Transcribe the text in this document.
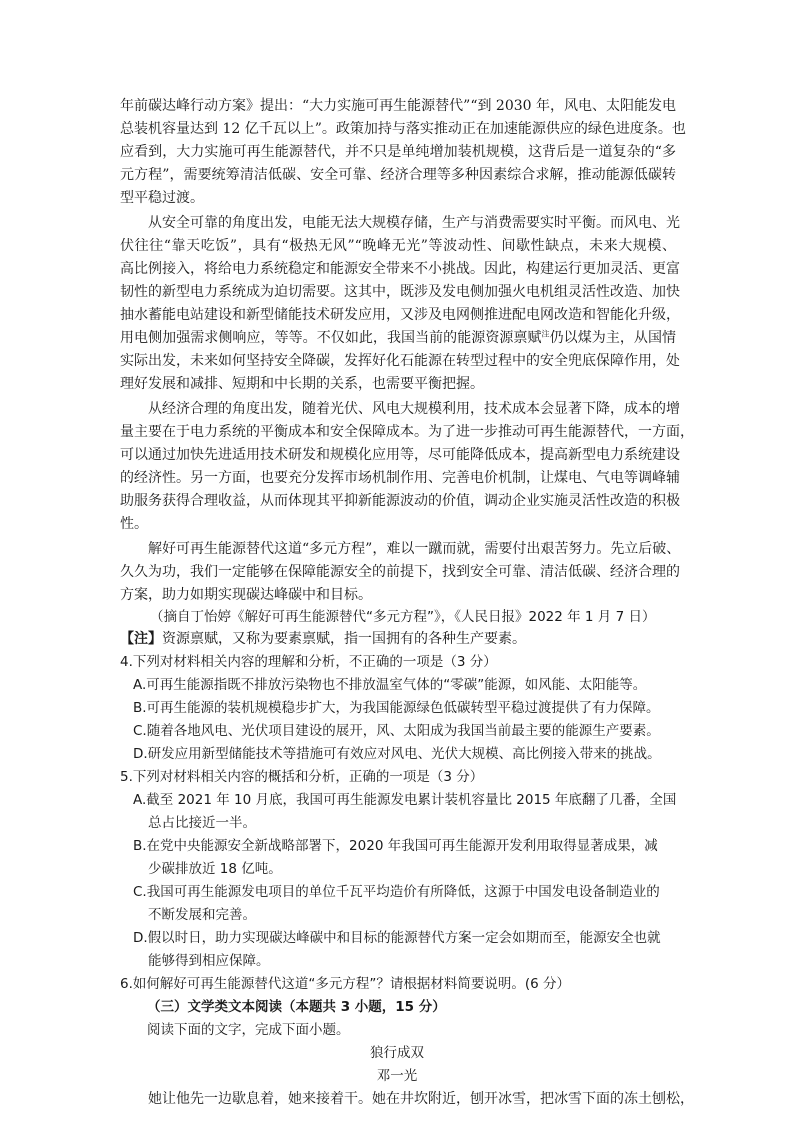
年前碳达峰行动方案》提出：“大力实施可再生能源替代”“到 2030 年，风电、太阳能发电
总装机容量达到 12 亿千瓦以上”。政策加持与落实推动正在加速能源供应的绿色进度条。也
应看到，大力实施可再生能源替代，并不只是单纯增加装机规模，这背后是一道复杂的“多
元方程”，需要统筹清洁低碳、安全可靠、经济合理等多种因素综合求解，推动能源低碳转
型平稳过渡。
从安全可靠的角度出发，电能无法大规模存储，生产与消费需要实时平衡。而风电、光
伏往往“靠天吃饭”，具有“极热无风”“晚峰无光”等波动性、间歇性缺点，未来大规模、
高比例接入，将给电力系统稳定和能源安全带来不小挑战。因此，构建运行更加灵活、更富
韧性的新型电力系统成为迫切需要。这其中，既涉及发电侧加强火电机组灵活性改造、加快
抽水蓄能电站建设和新型储能技术研发应用，又涉及电网侧推进配电网改造和智能化升级，
用电侧加强需求侧响应，等等。不仅如此，我国当前的能源资源禀赋$^注$仍以煤为主，从国情
实际出发，未来如何坚持安全降碳，发挥好化石能源在转型过程中的安全兜底保障作用，处
理好发展和减排、短期和中长期的关系，也需要平衡把握。
从经济合理的角度出发，随着光伏、风电大规模利用，技术成本会显著下降，成本的增
量主要在于电力系统的平衡成本和安全保障成本。为了进一步推动可再生能源替代，一方面，
可以通过加快先进适用技术研发和规模化应用等，尽可能降低成本，提高新型电力系统建设
的经济性。另一方面，也要充分发挥市场机制作用、完善电价机制，让煤电、气电等调峰辅
助服务获得合理收益，从而体现其平抑新能源波动的价值，调动企业实施灵活性改造的积极
性。
解好可再生能源替代这道“多元方程”，难以一蹴而就，需要付出艰苦努力。先立后破、
久久为功，我们一定能够在保障能源安全的前提下，找到安全可靠、清洁低碳、经济合理的
方案，助力如期实现碳达峰碳中和目标。
（摘自丁怡婷《解好可再生能源替代“多元方程”》，《人民日报》2022 年 1 月 7 日）
【注】资源禀赋，又称为要素禀赋，指一国拥有的各种生产要素。
4.下列对材料相关内容的理解和分析，不正确的一项是（3 分）
A.可再生能源指既不排放污染物也不排放温室气体的“零碳”能源，如风能、太阳能等。
B.可再生能源的装机规模稳步扩大，为我国能源绿色低碳转型平稳过渡提供了有力保障。
C.随着各地风电、光伏项目建设的展开，风、太阳成为我国当前最主要的能源生产要素。
D.研发应用新型储能技术等措施可有效应对风电、光伏大规模、高比例接入带来的挑战。
5.下列对材料相关内容的概括和分析，正确的一项是（3 分）
A.截至 2021 年 10 月底，我国可再生能源发电累计装机容量比 2015 年底翻了几番，全国
总占比接近一半。
B.在党中央能源安全新战略部署下，2020 年我国可再生能源开发利用取得显著成果，减
少碳排放近 18 亿吨。
C.我国可再生能源发电项目的单位千瓦平均造价有所降低，这源于中国发电设备制造业的
不断发展和完善。
D.假以时日，助力实现碳达峰碳中和目标的能源替代方案一定会如期而至，能源安全也就
能够得到相应保障。
6.如何解好可再生能源替代这道“多元方程”？请根据材料简要说明。(6 分）
（三）文学类文本阅读（本题共 3 小题，15 分）
阅读下面的文字，完成下面小题。
狼行成双
邓一光
她让他先一边歇息着，她来接着干。她在井坎附近，刨开冰雪，把冰雪下面的冻土刨松，
